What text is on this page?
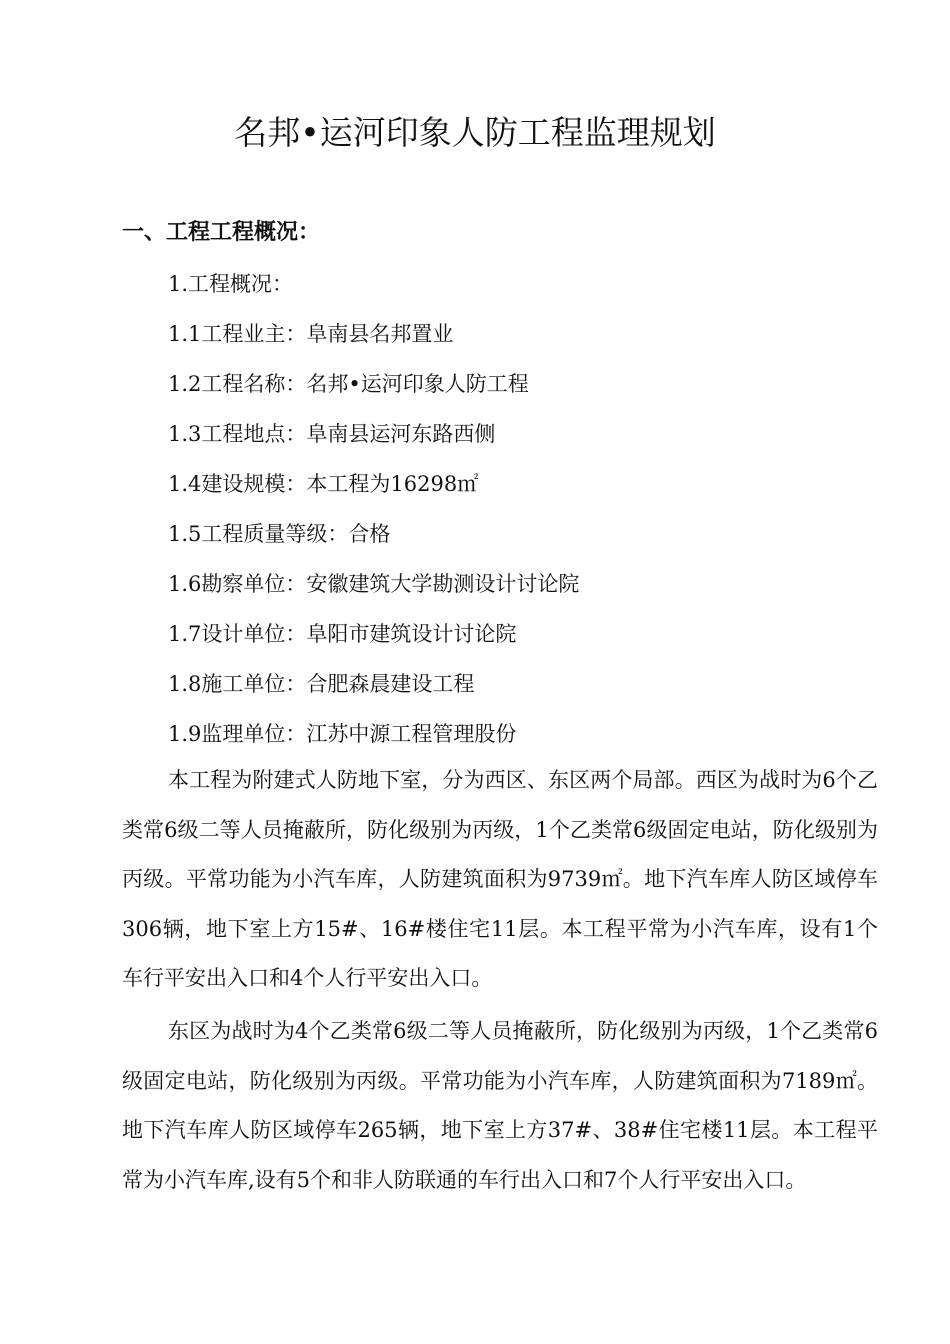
名邦•运河印象人防工程监理规划
一、工程工程概况：
1.工程概况：
1.1工程业主：阜南县名邦置业
1.2工程名称：名邦•运河印象人防工程
1.3工程地点：阜南县运河东路西侧
1.4建设规模：本工程为16298㎡
1.5工程质量等级：合格
1.6勘察单位：安徽建筑大学勘测设计讨论院
1.7设计单位：阜阳市建筑设计讨论院
1.8施工单位：合肥森晨建设工程
1.9监理单位：江苏中源工程管理股份

本工程为附建式人防地下室，分为西区、东区两个局部。西区为战时为6个乙类常6级二等人员掩蔽所，防化级别为丙级，1个乙类常6级固定电站，防化级别为丙级。平常功能为小汽车库，人防建筑面积为9739㎡。地下汽车库人防区域停车306辆，地下室上方15#、16#楼住宅11层。本工程平常为小汽车库，设有1个车行平安出入口和4个人行平安出入口。

东区为战时为4个乙类常6级二等人员掩蔽所，防化级别为丙级，1个乙类常6级固定电站，防化级别为丙级。平常功能为小汽车库，人防建筑面积为7189㎡。地下汽车库人防区域停车265辆，地下室上方37#、38#住宅楼11层。本工程平常为小汽车库,设有5个和非人防联通的车行出入口和7个人行平安出入口。
